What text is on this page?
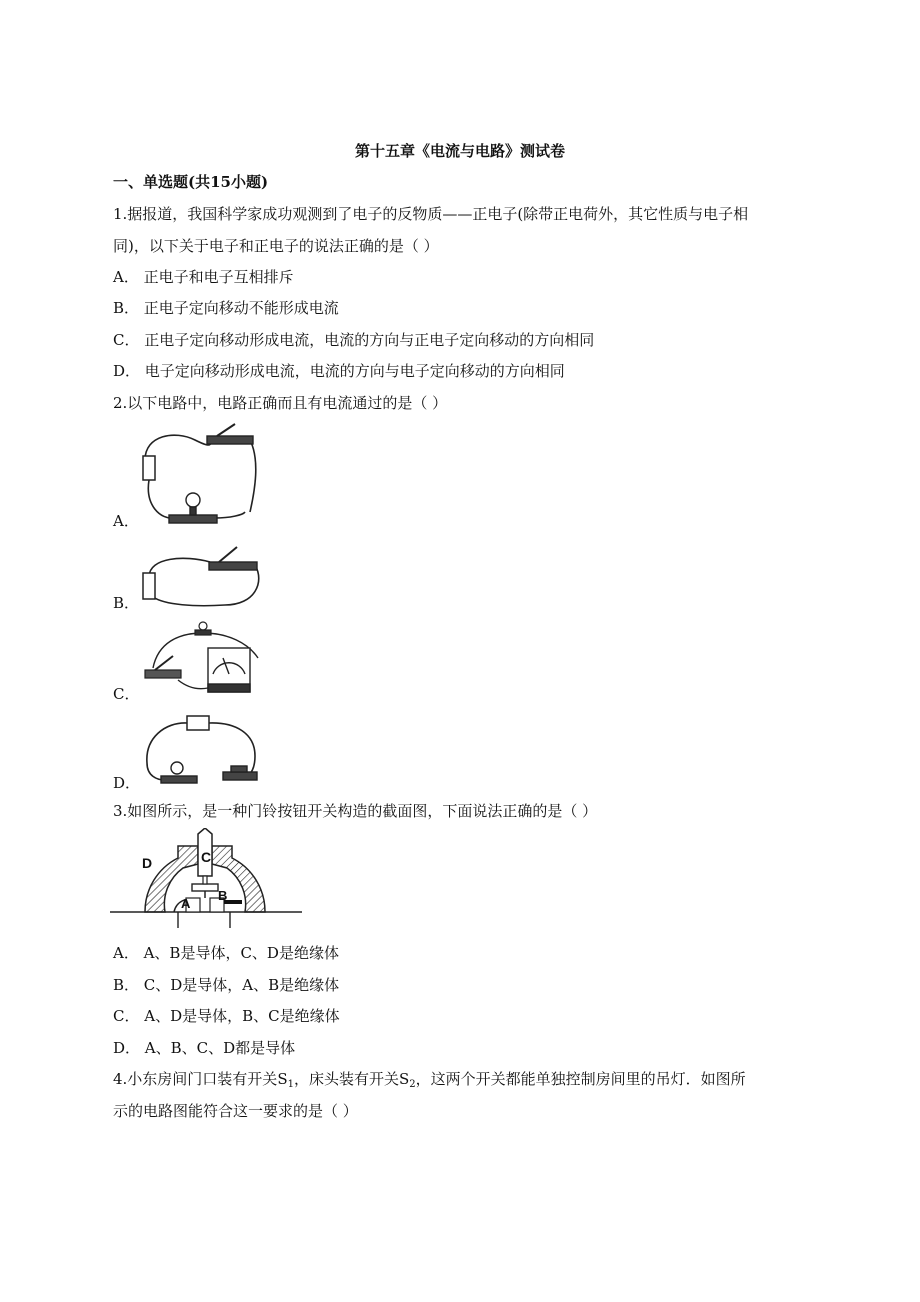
第十五章《电流与电路》测试卷
一、单选题(共15小题)
1.据报道，我国科学家成功观测到了电子的反物质——正电子(除带正电荷外，其它性质与电子相
同)，以下关于电子和正电子的说法正确的是（ ）
A． 正电子和电子互相排斥
B． 正电子定向移动不能形成电流
C． 正电子定向移动形成电流，电流的方向与正电子定向移动的方向相同
D． 电子定向移动形成电流，电流的方向与电子定向移动的方向相同
2.以下电路中，电路正确而且有电流通过的是（ ）
A．
B．
C．
D．
3.如图所示，是一种门铃按钮开关构造的截面图，下面说法正确的是（ ）
D	C
A
B
A． A、B是导体，C、D是绝缘体
B． C、D是导体，A、B是绝缘体
C． A、D是导体，B、C是绝缘体
D． A、B、C、D都是导体
4.小东房间门口装有开关$S_1$，床头装有开关$S_2$，这两个开关都能单独控制房间里的吊灯．如图所
示的电路图能符合这一要求的是（ ）
